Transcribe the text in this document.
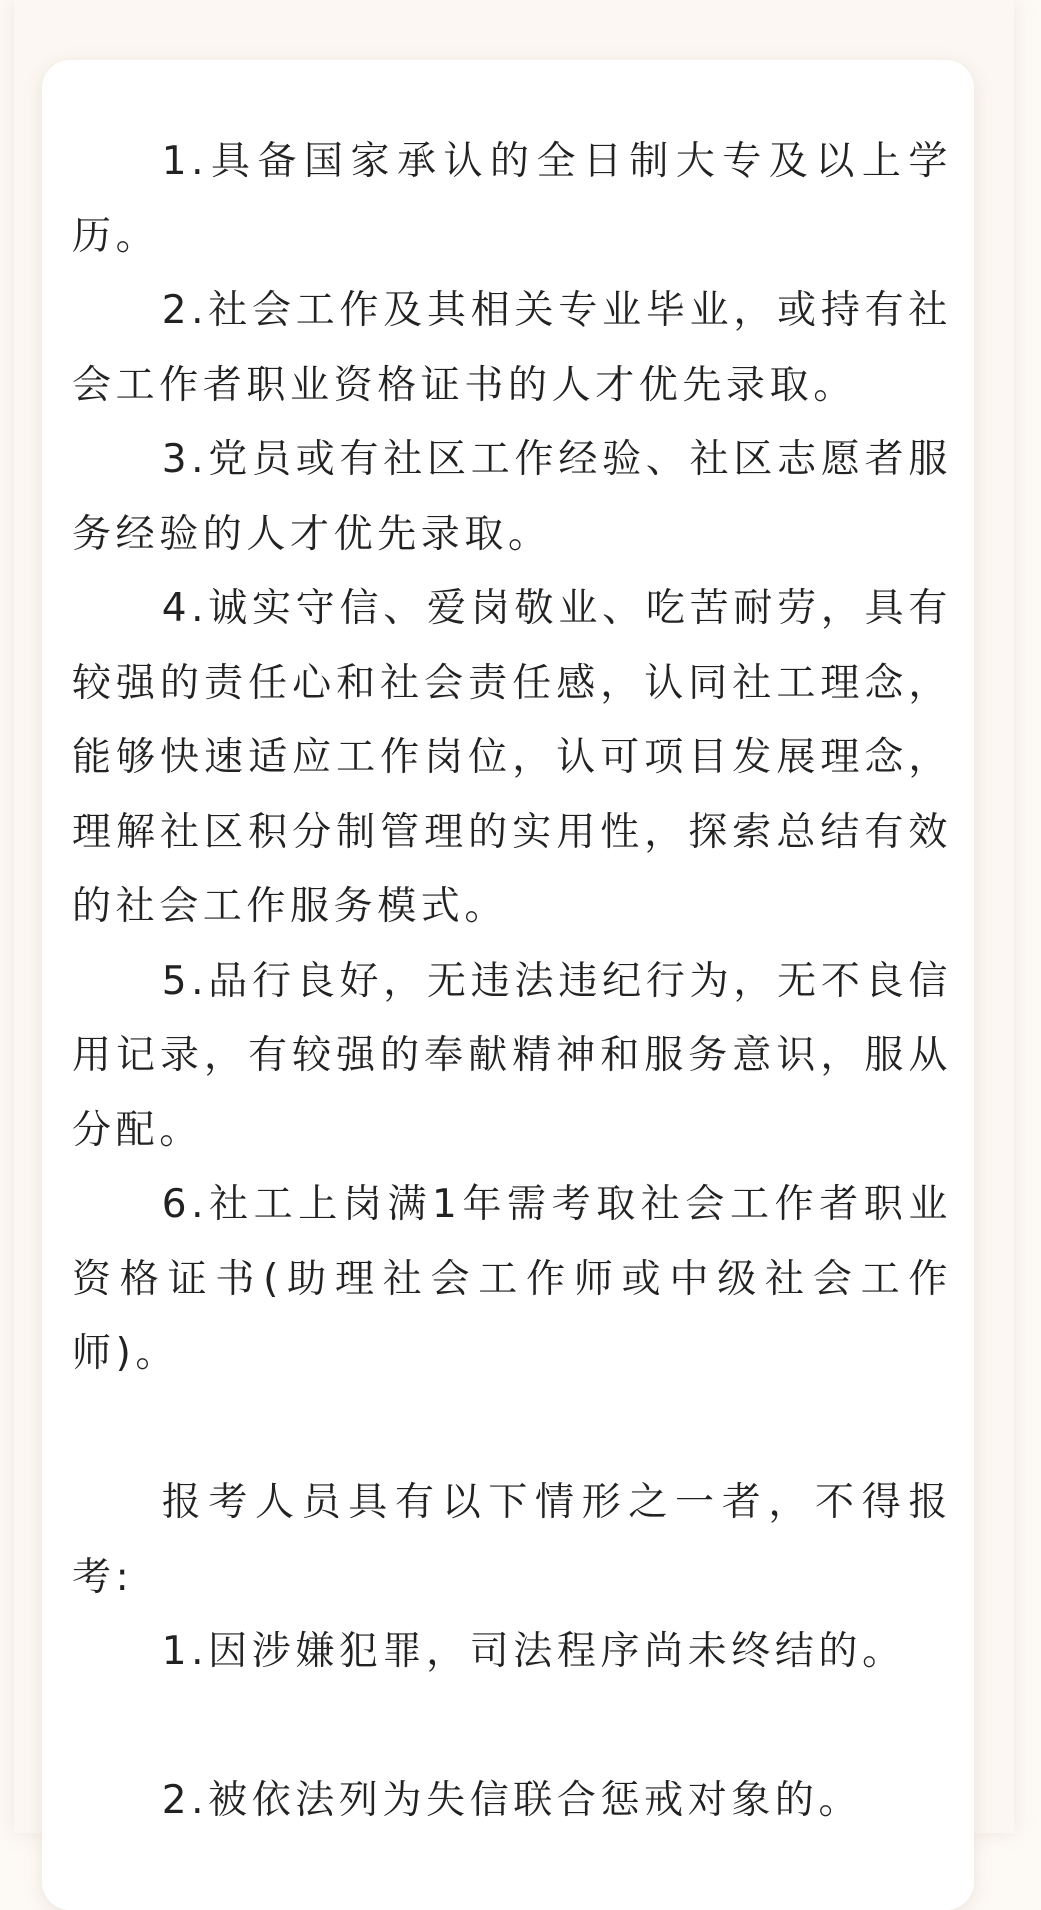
1.具备国家承认的全日制大专及以上学历。

2.社会工作及其相关专业毕业，或持有社会工作者职业资格证书的人才优先录取。

3.党员或有社区工作经验、社区志愿者服务经验的人才优先录取。

4.诚实守信、爱岗敬业、吃苦耐劳，具有较强的责任心和社会责任感，认同社工理念，能够快速适应工作岗位，认可项目发展理念，理解社区积分制管理的实用性，探索总结有效的社会工作服务模式。

5.品行良好，无违法违纪行为，无不良信用记录，有较强的奉献精神和服务意识，服从分配。

6.社工上岗满1年需考取社会工作者职业资格证书(助理社会工作师或中级社会工作师)。

报考人员具有以下情形之一者，不得报考:

1.因涉嫌犯罪，司法程序尚未终结的。

2.被依法列为失信联合惩戒对象的。
